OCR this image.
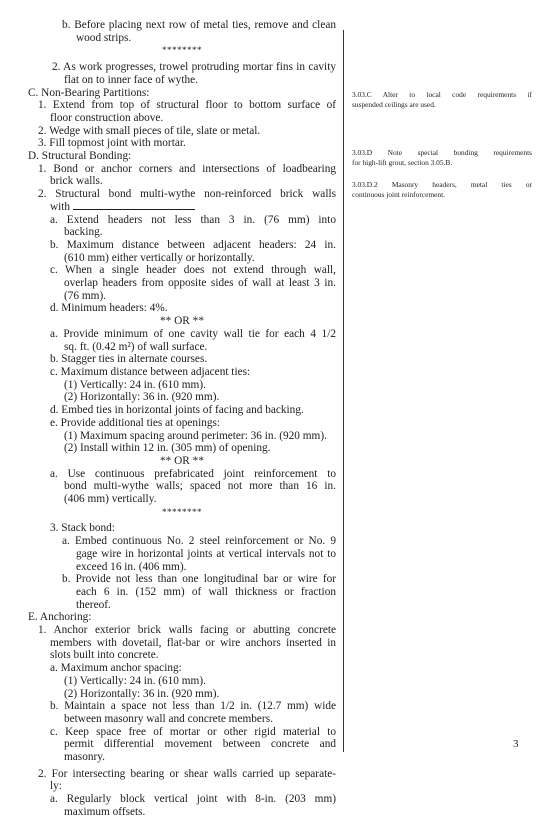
b. Before placing next row of metal ties, remove and clean
wood strips.
********
2. As work progresses, trowel protruding mortar fins in cavity
flat on to inner face of wythe.
C. Non-Bearing Partitions:
1. Extend from top of structural floor to bottom surface of
floor construction above.
2. Wedge with small pieces of tile, slate or metal.
3. Fill topmost joint with mortar.
D. Structural Bonding:
1. Bond or anchor corners and intersections of loadbearing
brick walls.
2. Structural bond multi-wythe non-reinforced brick walls
with
a. Extend headers not less than 3 in. (76 mm) into
backing.
b. Maximum distance between adjacent headers: 24 in.
(610 mm) either vertically or horizontally.
c. When a single header does not extend through wall,
overlap headers from opposite sides of wall at least 3 in.
(76 mm).
d. Minimum headers: 4%.
** OR **
a. Provide minimum of one cavity wall tie for each 4 1/2
sq. ft. (0.42 m²) of wall surface.
b. Stagger ties in alternate courses.
c. Maximum distance between adjacent ties:
(1) Vertically: 24 in. (610 mm).
(2) Horizontally: 36 in. (920 mm).
d. Embed ties in horizontal joints of facing and backing.
e. Provide additional ties at openings:
(1) Maximum spacing around perimeter: 36 in. (920 mm).
(2) Install within 12 in. (305 mm) of opening.
** OR **
a. Use continuous prefabricated joint reinforcement to
bond multi-wythe walls; spaced not more than 16 in.
(406 mm) vertically.
********
3. Stack bond:
a. Embed continuous No. 2 steel reinforcement or No. 9
gage wire in horizontal joints at vertical intervals not to
exceed 16 in. (406 mm).
b. Provide not less than one longitudinal bar or wire for
each 6 in. (152 mm) of wall thickness or fraction
thereof.
E. Anchoring:
1. Anchor exterior brick walls facing or abutting concrete
members with dovetail, flat-bar or wire anchors inserted in
slots built into concrete.
a. Maximum anchor spacing:
(1) Vertically: 24 in. (610 mm).
(2) Horizontally: 36 in. (920 mm).
b. Maintain a space not less than 1/2 in. (12.7 mm) wide
between masonry wall and concrete members.
c. Keep space free of mortar or other rigid material to
permit differential movement between concrete and
masonry.
2. For intersecting bearing or shear walls carried up separate-
ly:
a. Regularly block vertical joint with 8-in. (203 mm)
maximum offsets.
3.03.C Alter to local code requirements if
suspended ceilings are used.
3.03.D Note special bonding requirements
for high-lift grout, section 3.05.B.
3.03.D.2 Masonry headers, metal ties or
continuous joint reinforcement.
3
